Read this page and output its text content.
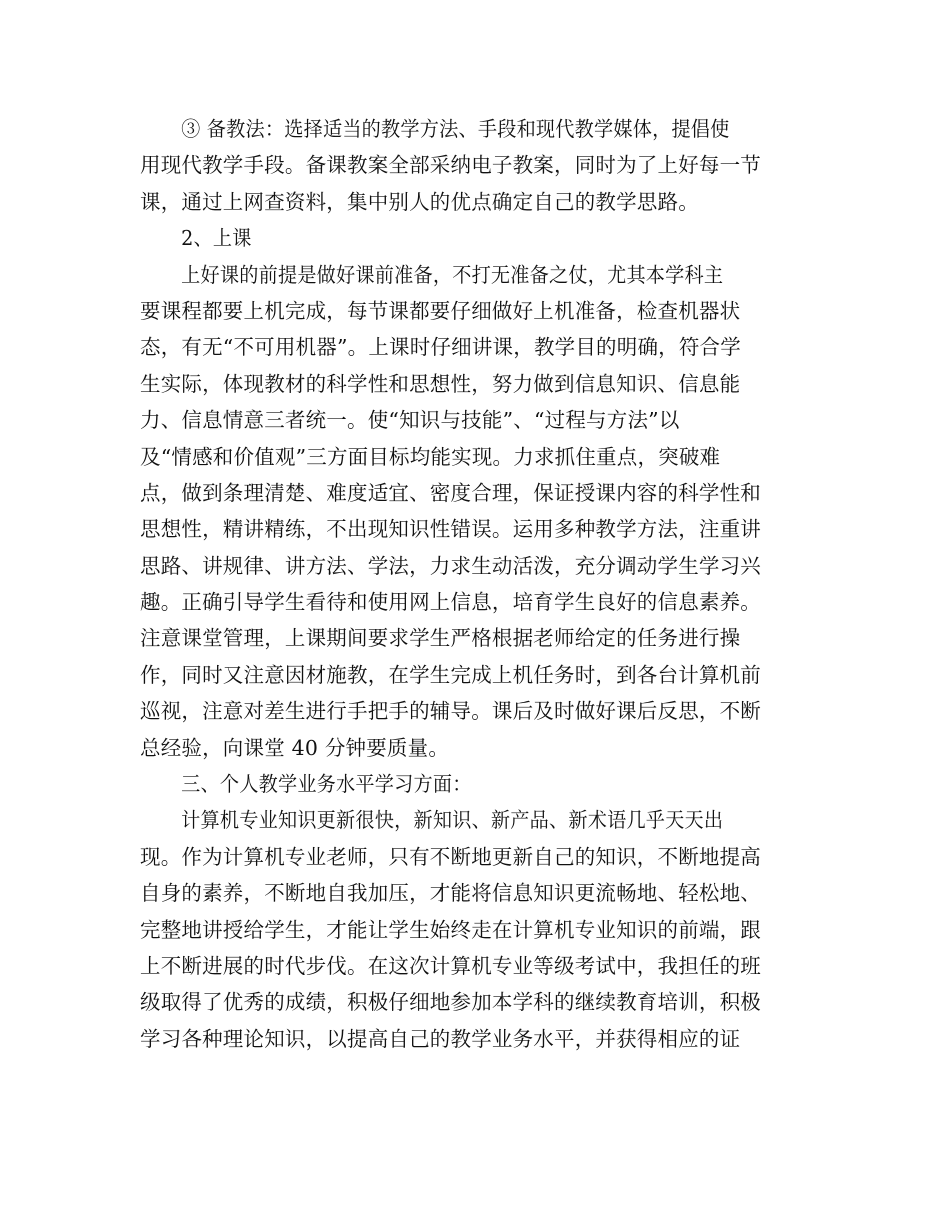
③ 备教法：选择适当的教学方法、手段和现代教学媒体，提倡使
用现代教学手段。备课教案全部采纳电子教案，同时为了上好每一节
课，通过上网查资料，集中别人的优点确定自己的教学思路。
2、上课
上好课的前提是做好课前准备，不打无准备之仗，尤其本学科主
要课程都要上机完成，每节课都要仔细做好上机准备，检查机器状
态，有无“不可用机器”。上课时仔细讲课，教学目的明确，符合学
生实际，体现教材的科学性和思想性，努力做到信息知识、信息能
力、信息情意三者统一。使“知识与技能”、“过程与方法”以
及“情感和价值观”三方面目标均能实现。力求抓住重点，突破难
点，做到条理清楚、难度适宜、密度合理，保证授课内容的科学性和
思想性，精讲精练，不出现知识性错误。运用多种教学方法，注重讲
思路、讲规律、讲方法、学法，力求生动活泼，充分调动学生学习兴
趣。正确引导学生看待和使用网上信息，培育学生良好的信息素养。
注意课堂管理，上课期间要求学生严格根据老师给定的任务进行操
作，同时又注意因材施教，在学生完成上机任务时，到各台计算机前
巡视，注意对差生进行手把手的辅导。课后及时做好课后反思，不断
总经验，向课堂 40 分钟要质量。
三、个人教学业务水平学习方面：
计算机专业知识更新很快，新知识、新产品、新术语几乎天天出
现。作为计算机专业老师，只有不断地更新自己的知识，不断地提高
自身的素养，不断地自我加压，才能将信息知识更流畅地、轻松地、
完整地讲授给学生，才能让学生始终走在计算机专业知识的前端，跟
上不断进展的时代步伐。在这次计算机专业等级考试中，我担任的班
级取得了优秀的成绩，积极仔细地参加本学科的继续教育培训，积极
学习各种理论知识，以提高自己的教学业务水平，并获得相应的证
